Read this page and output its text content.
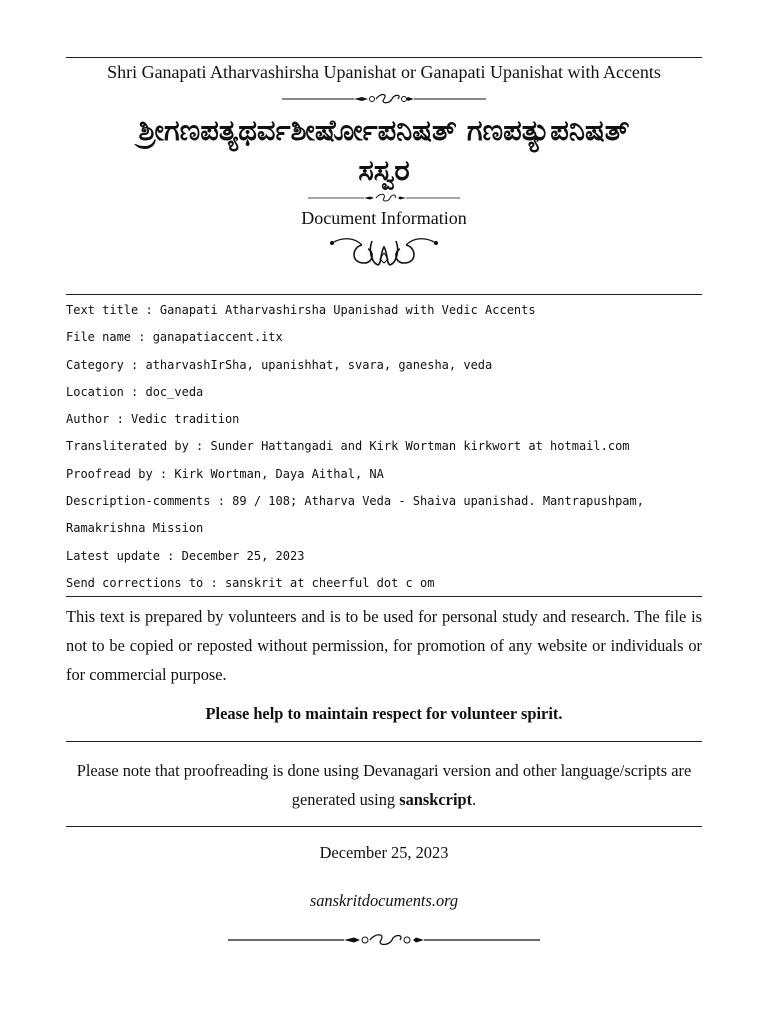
Shri Ganapati Atharvashirsha Upanishat or Ganapati Upanishat with Accents
ಶ್ರೀಗಣಪತ್ಯಥರ್ವಶೀರ್ಷೋಪನಿಷತ್ ಗಣಪತ್ಯುಪನಿಷತ್
ಸಸ್ವರ
Document Information
Text title : Ganapati Atharvashirsha Upanishad with Vedic Accents
File name : ganapatiaccent.itx
Category : atharvashIrSha, upanishhat, svara, ganesha, veda
Location : doc_veda
Author : Vedic tradition
Transliterated by : Sunder Hattangadi and Kirk Wortman kirkwort at hotmail.com
Proofread by : Kirk Wortman, Daya Aithal, NA
Description-comments : 89 / 108; Atharva Veda - Shaiva upanishad. Mantrapushpam,
Ramakrishna Mission
Latest update : December 25, 2023
Send corrections to : sanskrit at cheerful dot c om
This text is prepared by volunteers and is to be used for personal study and research. The file is not to be copied or reposted without permission, for promotion of any website or individuals or for commercial purpose.
Please help to maintain respect for volunteer spirit.
Please note that proofreading is done using Devanagari version and other language/scripts are generated using sanskcript.
December 25, 2023
sanskritdocuments.org
